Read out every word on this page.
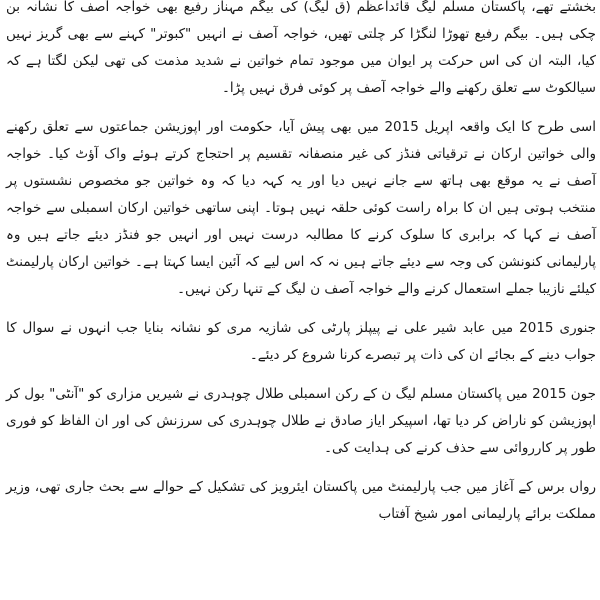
بخشتے تھے، پاکستان مسلم لیگ قائداعظم (ق لیگ) کی بیگم مہناز رفیع بھی خواجہ آصف کا نشانہ بن چکی ہیں۔ بیگم رفیع تھوڑا لنگڑا کر چلتی تھیں، خواجہ آصف نے انہیں "کبوتر" کہنے سے بھی گریز نہیں کیا، البتہ ان کی اس حرکت پر ایوان میں موجود تمام خواتین نے شدید مذمت کی تھی لیکن لگتا ہے کہ سیالکوٹ سے تعلق رکھنے والے خواجہ آصف پر کوئی فرق نہیں پڑا۔

اسی طرح کا ایک واقعہ اپریل 2015 میں بھی پیش آیا، حکومت اور اپوزیشن جماعتوں سے تعلق رکھنے والی خواتین ارکان نے ترقیاتی فنڈز کی غیر منصفانہ تقسیم پر احتجاج کرتے ہوئے واک آؤٹ کیا۔ خواجہ آصف نے یہ موقع بھی ہاتھ سے جانے نہیں دیا اور یہ کہہ دیا کہ وہ خواتین جو مخصوص نشستوں پر منتخب ہوتی ہیں ان کا براہ راست کوئی حلقہ نہیں ہوتا۔ اپنی ساتھی خواتین ارکان اسمبلی سے خواجہ آصف نے کہا کہ برابری کا سلوک کرنے کا مطالبہ درست نہیں اور انہیں جو فنڈز دیئے جاتے ہیں وہ پارلیمانی کنونشن کی وجہ سے دیئے جاتے ہیں نہ کہ اس لیے کہ آئین ایسا کہتا ہے۔ خواتین ارکان پارلیمنٹ کیلئے نازیبا جملے استعمال کرنے والے خواجہ آصف ن لیگ کے تنہا رکن نہیں۔

جنوری 2015 میں عابد شیر علی نے پیپلز پارٹی کی شازیہ مری کو نشانہ بنایا جب انہوں نے سوال کا جواب دینے کے بجائے ان کی ذات پر تبصرے کرنا شروع کر دیئے۔

جون 2015 میں پاکستان مسلم لیگ ن کے رکن اسمبلی طلال چوہدری نے شیریں مزاری کو "آنٹی" بول کر اپوزیشن کو ناراض کر دیا تھا، اسپیکر ایاز صادق نے طلال چوہدری کی سرزنش کی اور ان الفاظ کو فوری طور پر کارروائی سے حذف کرنے کی ہدایت کی۔

رواں برس کے آغاز میں جب پارلیمنٹ میں پاکستان ایئرویز کی تشکیل کے حوالے سے بحث جاری تھی، وزیر مملکت برائے پارلیمانی امور شیخ آفتاب
